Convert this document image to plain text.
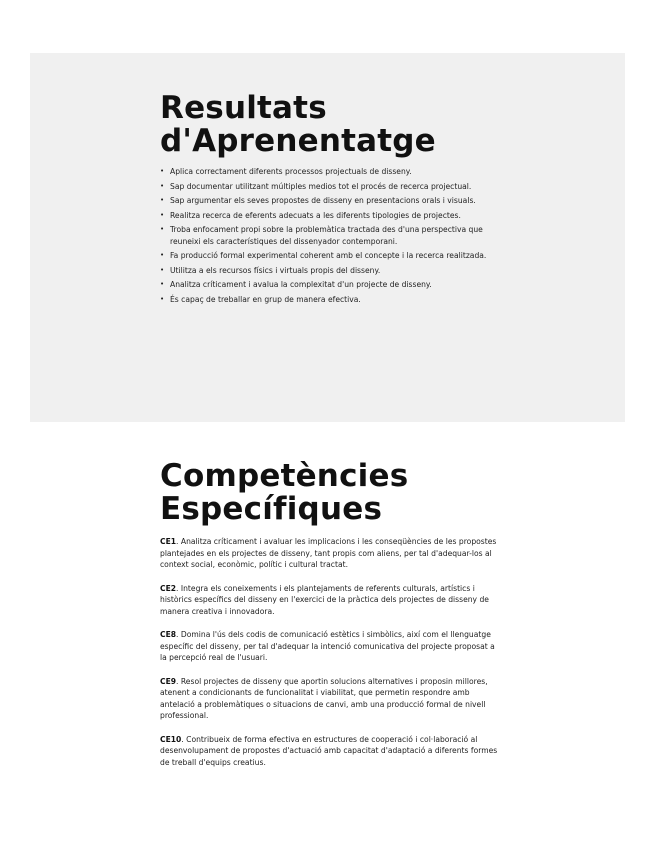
Resultats
d'Aprenentatge
• Aplica correctament diferents processos projectuals de disseny.
• Sap documentar utilitzant múltiples medios tot el procés de recerca projectual.
• Sap argumentar els seves propostes de disseny en presentacions orals i visuals.
• Realitza recerca de eferents adecuats a les diferents tipologies de projectes.
• Troba enfocament propi sobre la problemàtica tractada des d'una perspectiva que reuneixi els característiques del dissenyador contemporani.
• Fa producció formal experimental coherent amb el concepte i la recerca realitzada.
• Utilitza a els recursos físics i virtuals propis del disseny.
• Analitza críticament i avalua la complexitat d'un projecte de disseny.
• És capaç de treballar en grup de manera efectiva.
Competències
Específiques

CE1. Analitza críticament i avaluar les implicacions i les conseqüències de les propostes plantejades en els projectes de disseny, tant propis com aliens, per tal d'adequar-los al context social, econòmic, polític i cultural tractat.

CE2. Integra els coneixements i els plantejaments de referents culturals, artístics i històrics específics del disseny en l'exercici de la pràctica dels projectes de disseny de manera creativa i innovadora.

CE8. Domina l'ús dels codis de comunicació estètics i simbòlics, així com el llenguatge específic del disseny, per tal d'adequar la intenció comunicativa del projecte proposat a la percepció real de l'usuari.

CE9. Resol projectes de disseny que aportin solucions alternatives i proposin millores, atenent a condicionants de funcionalitat i viabilitat, que permetin respondre amb antelació a problemàtiques o situacions de canvi, amb una producció formal de nivell professional.

CE10. Contribueix de forma efectiva en estructures de cooperació i col·laboració al desenvolupament de propostes d'actuació amb capacitat d'adaptació a diferents formes de treball d'equips creatius.
